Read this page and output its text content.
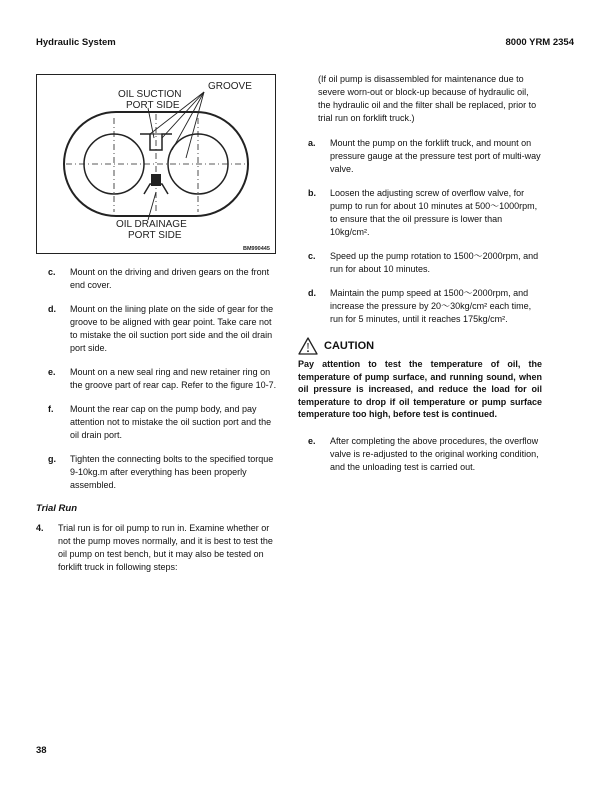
Hydraulic System	8000 YRM 2354
GROOVE
OIL SUCTION
PORT SIDE
OIL DRAINAGE
PORT SIDE
BM990445
c.	Mount on the driving and driven gears on the front end cover.
d.	Mount on the lining plate on the side of gear for the groove to be aligned with gear point. Take care not to mistake the oil suction port side and the oil drain port side.
e.	Mount on a new seal ring and new retainer ring on the groove part of rear cap. Refer to the figure 10-7.
f.	Mount the rear cap on the pump body, and pay attention not to mistake the oil suction port and the oil drain port.
g.	Tighten the connecting bolts to the specified torque 9-10kg.m after everything has been properly assembled.
Trial Run
4.	Trial run is for oil pump to run in. Examine whether or not the pump moves normally, and it is best to test the oil pump on test bench, but it may also be tested on forklift truck in following steps:
(If oil pump is disassembled for maintenance due to severe worn-out or block-up because of hydraulic oil, the hydraulic oil and the filter shall be replaced, prior to trial run on forklift truck.)
a.	Mount the pump on the forklift truck, and mount on pressure gauge at the pressure test port of multi-way valve.
b.	Loosen the adjusting screw of overflow valve, for pump to run for about 10 minutes at 500～1000rpm, to ensure that the oil pressure is lower than 10kg/cm².
c.	Speed up the pump rotation to 1500～2000rpm, and run for about 10 minutes.
d.	Maintain the pump speed at 1500～2000rpm, and increase the pressure by 20～30kg/cm² each time, run for 5 minutes, until it reaches 175kg/cm².
CAUTION
Pay attention to test the temperature of oil, the temperature of pump surface, and running sound, when oil pressure is increased, and reduce the load for oil temperature to drop if oil temperature or pump surface temperature too high, before test is continued.
e.	After completing the above procedures, the overflow valve is re-adjusted to the original working condition, and the unloading test is carried out.
38
